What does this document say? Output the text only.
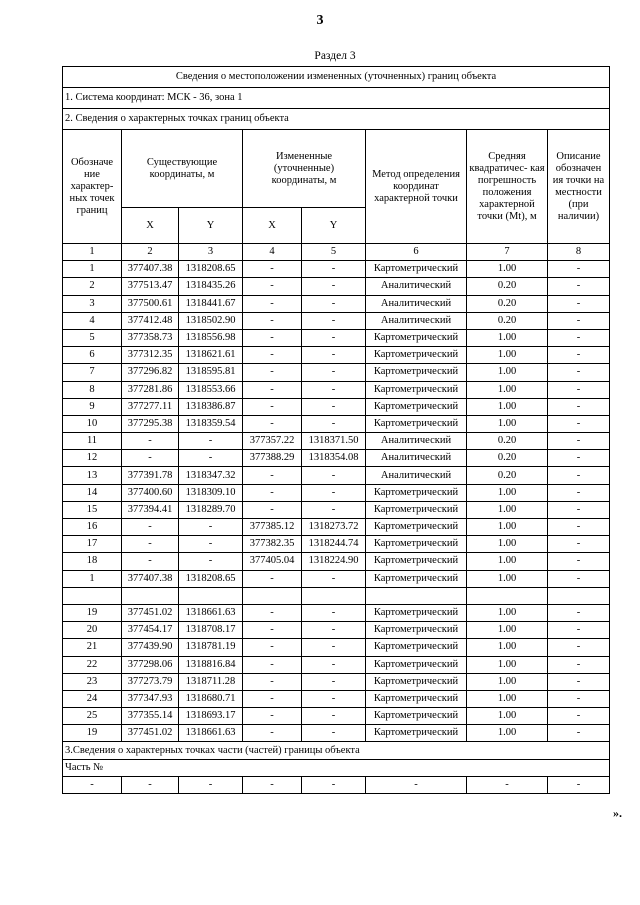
3
Раздел 3
Сведения о местоположении измененных (уточненных) границ объекта							
1. Система координат: МСК - 36, зона 1							
2. Сведения о характерных точках границ объекта							
Обозначе ние характер- ных точек границ	Существующие координаты, м		Измененные (уточненные) координаты, м		Метод определения координат характерной точки	Средняя квадратичес- кая погрешность положения характерной точки (Mt), м	Описание обозначен ия точки на местности (при наличии)
	X	Y	X	Y			
1	2	3	4	5	6	7	8
1	377407.38	1318208.65	-	-	Картометрический	1.00	-
2	377513.47	1318435.26	-	-	Аналитический	0.20	-
3	377500.61	1318441.67	-	-	Аналитический	0.20	-
4	377412.48	1318502.90	-	-	Аналитический	0.20	-
5	377358.73	1318556.98	-	-	Картометрический	1.00	-
6	377312.35	1318621.61	-	-	Картометрический	1.00	-
7	377296.82	1318595.81	-	-	Картометрический	1.00	-
8	377281.86	1318553.66	-	-	Картометрический	1.00	-
9	377277.11	1318386.87	-	-	Картометрический	1.00	-
10	377295.38	1318359.54	-	-	Картометрический	1.00	-
11	-	-	377357.22	1318371.50	Аналитический	0.20	-
12	-	-	377388.29	1318354.08	Аналитический	0.20	-
13	377391.78	1318347.32	-	-	Аналитический	0.20	-
14	377400.60	1318309.10	-	-	Картометрический	1.00	-
15	377394.41	1318289.70	-	-	Картометрический	1.00	-
16	-	-	377385.12	1318273.72	Картометрический	1.00	-
17	-	-	377382.35	1318244.74	Картометрический	1.00	-
18	-	-	377405.04	1318224.90	Картометрический	1.00	-
1	377407.38	1318208.65	-	-	Картометрический	1.00	-

19	377451.02	1318661.63	-	-	Картометрический	1.00	-
20	377454.17	1318708.17	-	-	Картометрический	1.00	-
21	377439.90	1318781.19	-	-	Картометрический	1.00	-
22	377298.06	1318816.84	-	-	Картометрический	1.00	-
23	377273.79	1318711.28	-	-	Картометрический	1.00	-
24	377347.93	1318680.71	-	-	Картометрический	1.00	-
25	377355.14	1318693.17	-	-	Картометрический	1.00	-
19	377451.02	1318661.63	-	-	Картометрический	1.00	-
3.Сведения о характерных точках части (частей) границы объекта							
Часть №							
-	-	-	-	-	-	-	-
».
